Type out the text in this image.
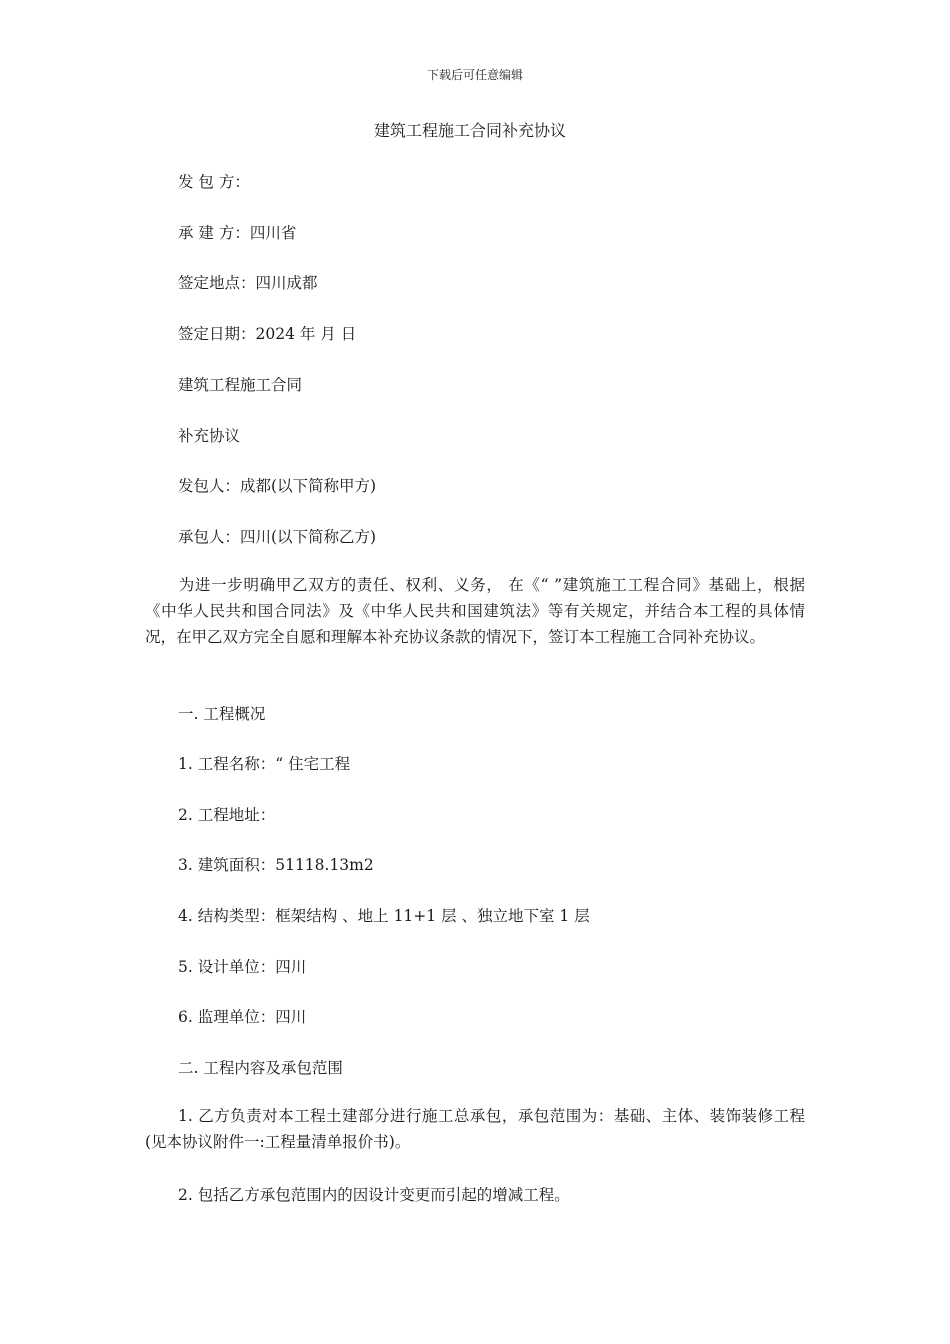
下载后可任意编辑
建筑工程施工合同补充协议
发 包 方：
承 建 方：四川省
签定地点：四川成都
签定日期：2024 年 月 日
建筑工程施工合同
补充协议
发包人：成都(以下简称甲方)
承包人：四川(以下简称乙方)
为进一步明确甲乙双方的责任、权利、义务， 在《“ ”建筑施工工程合同》基础上，根据《中华人民共和国合同法》及《中华人民共和国建筑法》等有关规定，并结合本工程的具体情况，在甲乙双方完全自愿和理解本补充协议条款的情况下，签订本工程施工合同补充协议。
一. 工程概况
1. 工程名称：“ 住宅工程
2. 工程地址：
3. 建筑面积：51118.13m2
4. 结构类型：框架结构 、地上 11+1 层 、独立地下室 1 层
5. 设计单位：四川
6. 监理单位：四川
二. 工程内容及承包范围
1. 乙方负责对本工程土建部分进行施工总承包，承包范围为：基础、主体、装饰装修工程(见本协议附件一:工程量清单报价书)。
2. 包括乙方承包范围内的因设计变更而引起的增减工程。
